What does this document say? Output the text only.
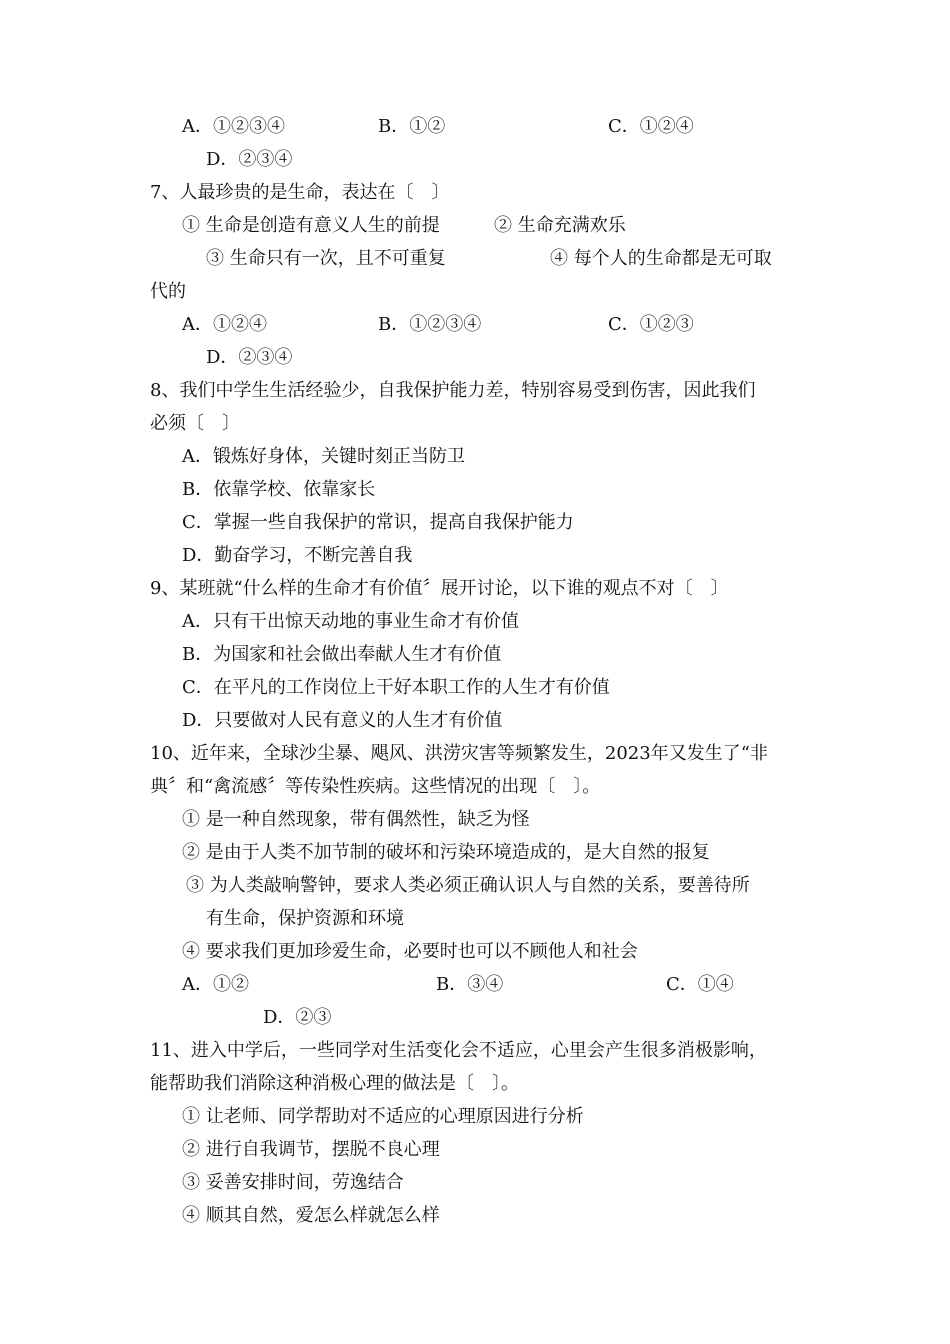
A．①②③④	B．①②	C．①②④
D．②③④
7、人最珍贵的是生命，表达在〔　〕
① 生命是创造有意义人生的前提	② 生命充满欢乐
③ 生命只有一次，且不可重复	④ 每个人的生命都是无可取
代的
A．①②④	B．①②③④	C．①②③
D．②③④
8、我们中学生生活经验少，自我保护能力差，特别容易受到伤害，因此我们
必须〔　〕
A．锻炼好身体，关键时刻正当防卫
B．依靠学校、依靠家长
C．掌握一些自我保护的常识，提高自我保护能力
D．勤奋学习，不断完善自我
9、某班就“什么样的生命才有价值〞展开讨论，以下谁的观点不对〔　〕
A．只有干出惊天动地的事业生命才有价值
B．为国家和社会做出奉献人生才有价值
C．在平凡的工作岗位上干好本职工作的人生才有价值
D．只要做对人民有意义的人生才有价值
10、近年来，全球沙尘暴、飓风、洪涝灾害等频繁发生，2023年又发生了“非
典〞和“禽流感〞等传染性疾病。这些情况的出现〔　〕。
① 是一种自然现象，带有偶然性，缺乏为怪
② 是由于人类不加节制的破坏和污染环境造成的，是大自然的报复
③ 为人类敲响警钟，要求人类必须正确认识人与自然的关系，要善待所
有生命，保护资源和环境
④ 要求我们更加珍爱生命，必要时也可以不顾他人和社会
A．①②	B．③④	C．①④
D．②③
11、进入中学后，一些同学对生活变化会不适应，心里会产生很多消极影响，
能帮助我们消除这种消极心理的做法是〔　〕。
① 让老师、同学帮助对不适应的心理原因进行分析
② 进行自我调节，摆脱不良心理
③ 妥善安排时间，劳逸结合
④ 顺其自然，爱怎么样就怎么样
